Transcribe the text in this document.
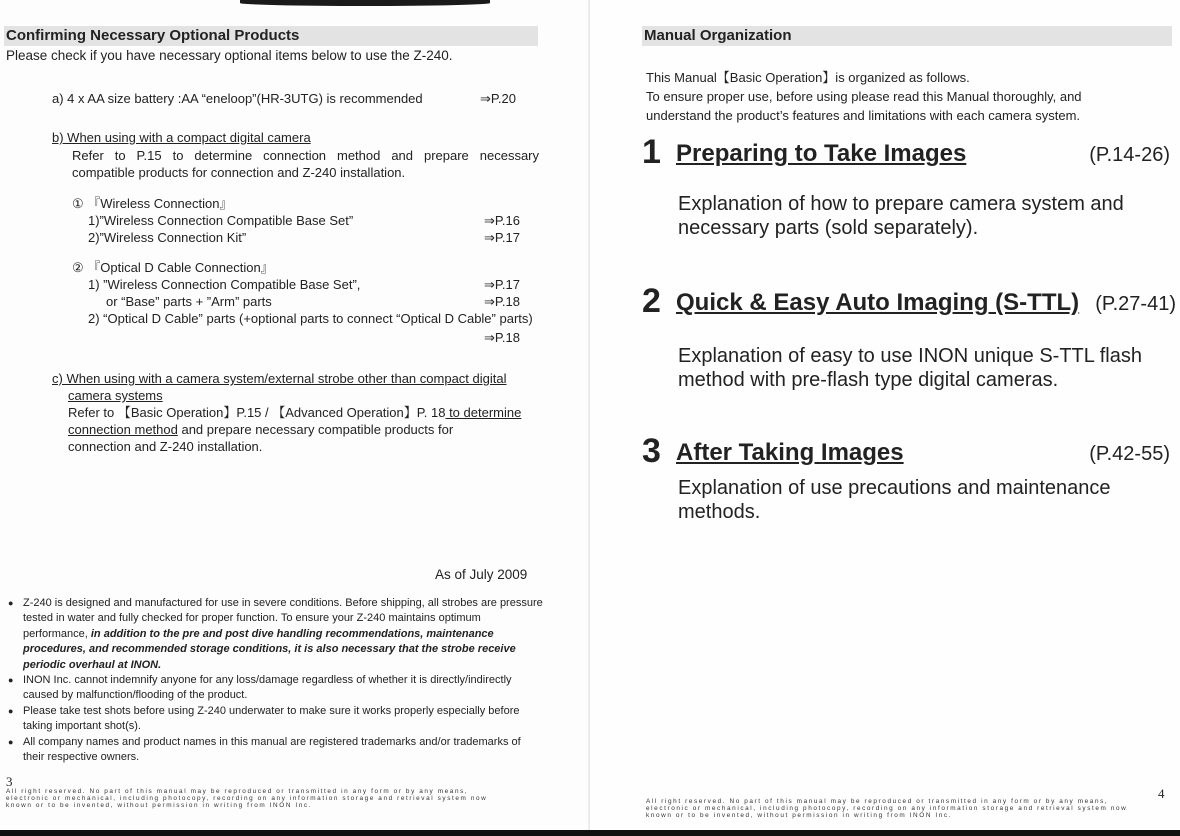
Confirming Necessary Optional Products

Please check if you have necessary optional items below to use the Z-240.

a) 4 x AA size battery :AA “eneloop”(HR-3UTG) is recommended	⇒P.20

b) When using with a compact digital camera

Refer to P.15 to determine connection method and prepare necessary compatible products for connection and Z-240 installation.

① 『Wireless Connection』

1)”Wireless Connection Compatible Base Set”	⇒P.16

2)”Wireless Connection Kit”	⇒P.17

② 『Optical D Cable Connection』

1) ”Wireless Connection Compatible Base Set”,	⇒P.17

or “Base” parts + ”Arm” parts	⇒P.18

2) “Optical D Cable” parts (+optional parts to connect “Optical D Cable” parts)

⇒P.18

c) When using with a camera system/external strobe other than compact digital

camera systems

Refer to 【Basic Operation】P.15 / 【Advanced Operation】P. 18 to determine

connection method and prepare necessary compatible products for

connection and Z-240 installation.

As of July 2009

● Z-240 is designed and manufactured for use in severe conditions. Before shipping, all strobes are pressure tested in water and fully checked for proper function. To ensure your Z-240 maintains optimum performance, in addition to the pre and post dive handling recommendations, maintenance procedures, and recommended storage conditions, it is also necessary that the strobe receive periodic overhaul at INON.
● INON Inc. cannot indemnify anyone for any loss/damage regardless of whether it is directly/indirectly caused by malfunction/flooding of the product.
● Please take test shots before using Z-240 underwater to make sure it works properly especially before taking important shot(s).
● All company names and product names in this manual are registered trademarks and/or trademarks of their respective owners.
3
All right reserved. No part of this manual may be reproduced or transmitted in any form or by any means,
electronic or mechanical, including photocopy, recording on any information storage and retrieval system now
known or to be invented, without permission in writing from INON Inc.
Manual Organization

This Manual【Basic Operation】is organized as follows.

To ensure proper use, before using please read this Manual thoroughly, and

understand the product’s features and limitations with each camera system.

1 Preparing to Take Images	(P.14-26)
Explanation of how to prepare camera system and necessary parts (sold separately).
2 Quick & Easy Auto Imaging (S-TTL) (P.27-41)
Explanation of easy to use INON unique S-TTL flash method with pre-flash type digital cameras.
3 After Taking Images	(P.42-55)
Explanation of use precautions and maintenance methods.
4
All right reserved. No part of this manual may be reproduced or transmitted in any form or by any means,
electronic or mechanical, including photocopy, recording on any information storage and retrieval system now
known or to be invented, without permission in writing from INON Inc.
